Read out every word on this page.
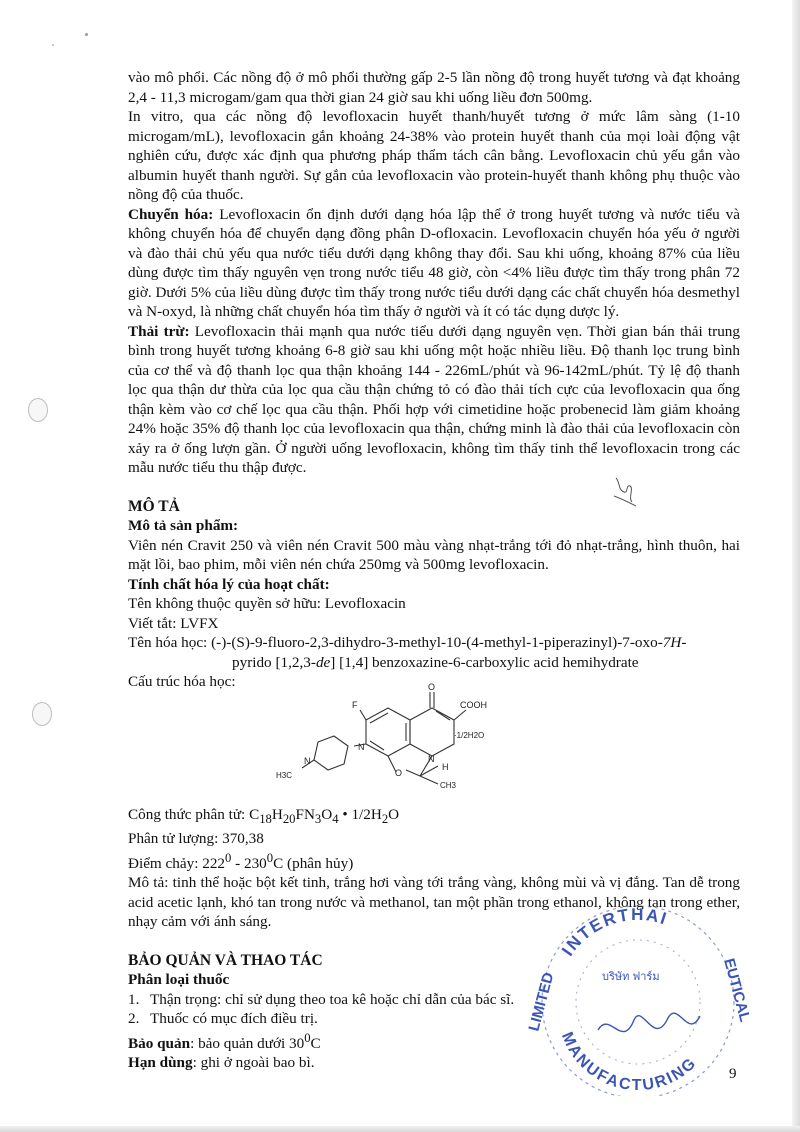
vào mô phổi. Các nồng độ ở mô phổi thường gấp 2-5 lần nồng độ trong huyết tương và đạt khoảng 2,4 - 11,3 microgam/gam qua thời gian 24 giờ sau khi uống liều đơn 500mg.

In vitro, qua các nồng độ levofloxacin huyết thanh/huyết tương ở mức lâm sàng (1-10 microgam/mL), levofloxacin gắn khoảng 24-38% vào protein huyết thanh của mọi loài động vật nghiên cứu, được xác định qua phương pháp thẩm tách cân bằng. Levofloxacin chủ yếu gắn vào albumin huyết thanh người. Sự gắn của levofloxacin vào protein-huyết thanh không phụ thuộc vào nồng độ của thuốc.

Chuyển hóa: Levofloxacin ổn định dưới dạng hóa lập thể ở trong huyết tương và nước tiểu và không chuyển hóa để chuyển dạng đồng phân D-ofloxacin. Levofloxacin chuyển hóa yếu ở người và đào thải chủ yếu qua nước tiểu dưới dạng không thay đổi. Sau khi uống, khoảng 87% của liều dùng được tìm thấy nguyên vẹn trong nước tiểu 48 giờ, còn <4% liều được tìm thấy trong phân 72 giờ. Dưới 5% của liều dùng được tìm thấy trong nước tiểu dưới dạng các chất chuyển hóa desmethyl và N-oxyd, là những chất chuyển hóa tìm thấy ở người và ít có tác dụng dược lý.

Thải trừ: Levofloxacin thải mạnh qua nước tiểu dưới dạng nguyên vẹn. Thời gian bán thải trung bình trong huyết tương khoảng 6-8 giờ sau khi uống một hoặc nhiều liều. Độ thanh lọc trung bình của cơ thể và độ thanh lọc qua thận khoảng 144 - 226mL/phút và 96-142mL/phút. Tỷ lệ độ thanh lọc qua thận dư thừa của lọc qua cầu thận chứng tỏ có đào thải tích cực của levofloxacin qua ống thận kèm vào cơ chế lọc qua cầu thận. Phối hợp với cimetidine hoặc probenecid làm giảm khoảng 24% hoặc 35% độ thanh lọc của levofloxacin qua thận, chứng minh là đào thải của levofloxacin còn xảy ra ở ống lượn gần. Ở người uống levofloxacin, không tìm thấy tinh thể levofloxacin trong các mẫu nước tiểu thu thập được.

MÔ TẢ

Mô tả sản phẩm:

Viên nén Cravit 250 và viên nén Cravit 500 màu vàng nhạt-trắng tới đỏ nhạt-trắng, hình thuôn, hai mặt lồi, bao phim, mỗi viên nén chứa 250mg và 500mg levofloxacin.

Tính chất hóa lý của hoạt chất:

Tên không thuộc quyền sở hữu: Levofloxacin

Viết tắt: LVFX

Tên hóa học: (-)-(S)-9-fluoro-2,3-dihydro-3-methyl-10-(4-methyl-1-piperazinyl)-7-oxo-7H-

pyrido [1,2,3-de] [1,4] benzoxazine-6-carboxylic acid hemihydrate

Cấu trúc hóa học:

Công thức phân tử: $C_{18}H_{20}FN_3O_4$ • $1/2H_2O$

Phân tử lượng: 370,38

Điểm chảy: $222^0 - 230^0C$ (phân hủy)

Mô tả: tinh thể hoặc bột kết tinh, trắng hơi vàng tới trắng vàng, không mùi và vị đắng. Tan dễ trong acid acetic lạnh, khó tan trong nước và methanol, tan một phần trong ethanol, không tan trong ether, nhạy cảm với ánh sáng.

BẢO QUẢN VÀ THAO TÁC

Phân loại thuốc

1. Thận trọng: chỉ sử dụng theo toa kê hoặc chỉ dẫn của bác sĩ.
2. Thuốc có mục đích điều trị.

Bảo quản: bảo quản dưới $30^0C$

Hạn dùng: ghi ở ngoài bao bì.

O
F	COOH
N
N
N
H3C	O
H
CH3
·1/2H2O
INTERTHAI
LIMITED	EUTICAL
MANUFACTURING
บริษัท ฟาร์ม
9
